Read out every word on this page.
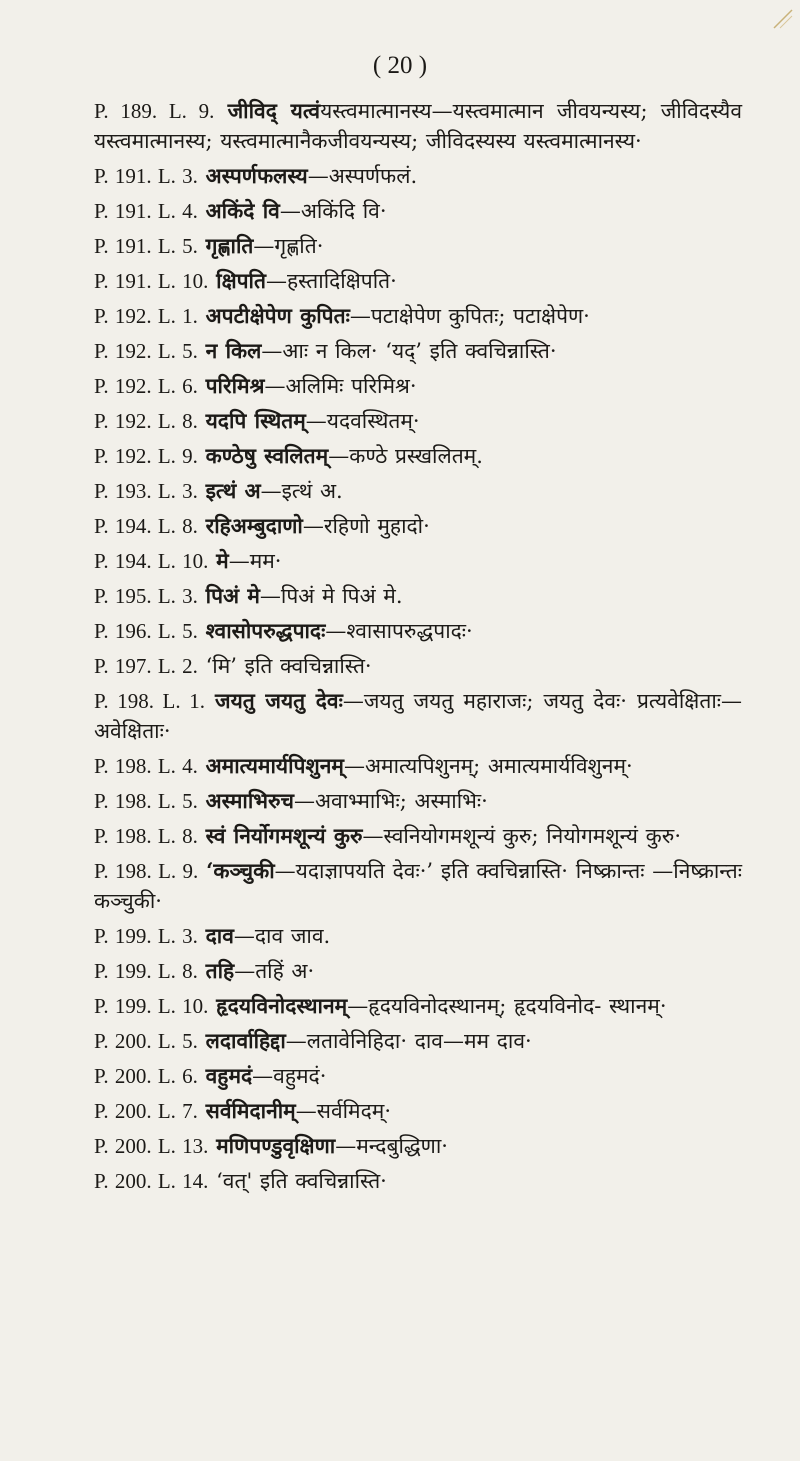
( 20 )

P. 189. L. 9. जीविद् यत्वंयस्त्वमात्मानस्य—यस्त्वमात्मान जीवयन्यस्य; जीविदस्यैव यस्त्वमात्मानस्य; यस्त्वमात्मानैकजीवयन्यस्य; जीविदस्यस्य यस्त्वमात्मानस्य·

P. 191. L. 3. अस्पर्णफलस्य—अस्पर्णफलं.

P. 191. L. 4. अकिंदे वि—अकिंदि वि·

P. 191. L. 5. गृह्णाति—गृह्णति·

P. 191. L. 10. क्षिपति—हस्तादिक्षिपति·

P. 192. L. 1. अपटीक्षेपेण कुपितः—पटाक्षेपेण कुपितः; पटाक्षेपेण·

P. 192. L. 5. न किल—आः न किल· ‘यद्’ इति क्वचिन्नास्ति·

P. 192. L. 6. परिमिश्र—अलिमिः परिमिश्र·

P. 192. L. 8. यदपि स्थितम्—यदवस्थितम्·

P. 192. L. 9. कण्ठेषु स्वलितम्—कण्ठे प्रस्खलितम्.

P. 193. L. 3. इत्थं अ—इत्थं अ.

P. 194. L. 8. रहिअम्बुदाणो—रहिणो मुहादो·

P. 194. L. 10. मे—मम·

P. 195. L. 3. पिअं मे—पिअं मे पिअं मे.

P. 196. L. 5. श्वासोपरुद्धपादः—श्वासापरुद्धपादः·

P. 197. L. 2. ‘मि’ इति क्वचिन्नास्ति·

P. 198. L. 1. जयतु जयतु देवः—जयतु जयतु महाराजः; जयतु देवः· प्रत्यवेक्षिताः—अवेक्षिताः·

P. 198. L. 4. अमात्यमार्यपिशुनम्—अमात्यपिशुनम्; अमात्यमार्यविशुनम्·

P. 198. L. 5. अस्माभिरुच—अवाभ्माभिः; अस्माभिः·

P. 198. L. 8. स्वं निर्योगमशून्यं कुरु—स्वनियोगमशून्यं कुरु; नियोगमशून्यं कुरु·

P. 198. L. 9. ‘कञ्चुकी—यदाज्ञापयति देवः·’ इति क्वचिन्नास्ति· निष्क्रान्तः —निष्क्रान्तः कञ्चुकी·

P. 199. L. 3. दाव—दाव जाव.

P. 199. L. 8. तहि—तहिं अ·

P. 199. L. 10. हृदयविनोदस्थानम्—हृदयविनोदस्थानम्; हृदयविनोद- स्थानम्·

P. 200. L. 5. लदार्वाहिद्दा—लतावेनिहिदा· दाव—मम दाव·

P. 200. L. 6. वहुमदं—वहुमदं·

P. 200. L. 7. सर्वमिदानीम्—सर्वमिदम्·

P. 200. L. 13. मणिपण्डुवृक्षिणा—मन्दबुद्धिणा·

P. 200. L. 14. ‘वत्' इति क्वचिन्नास्ति·
